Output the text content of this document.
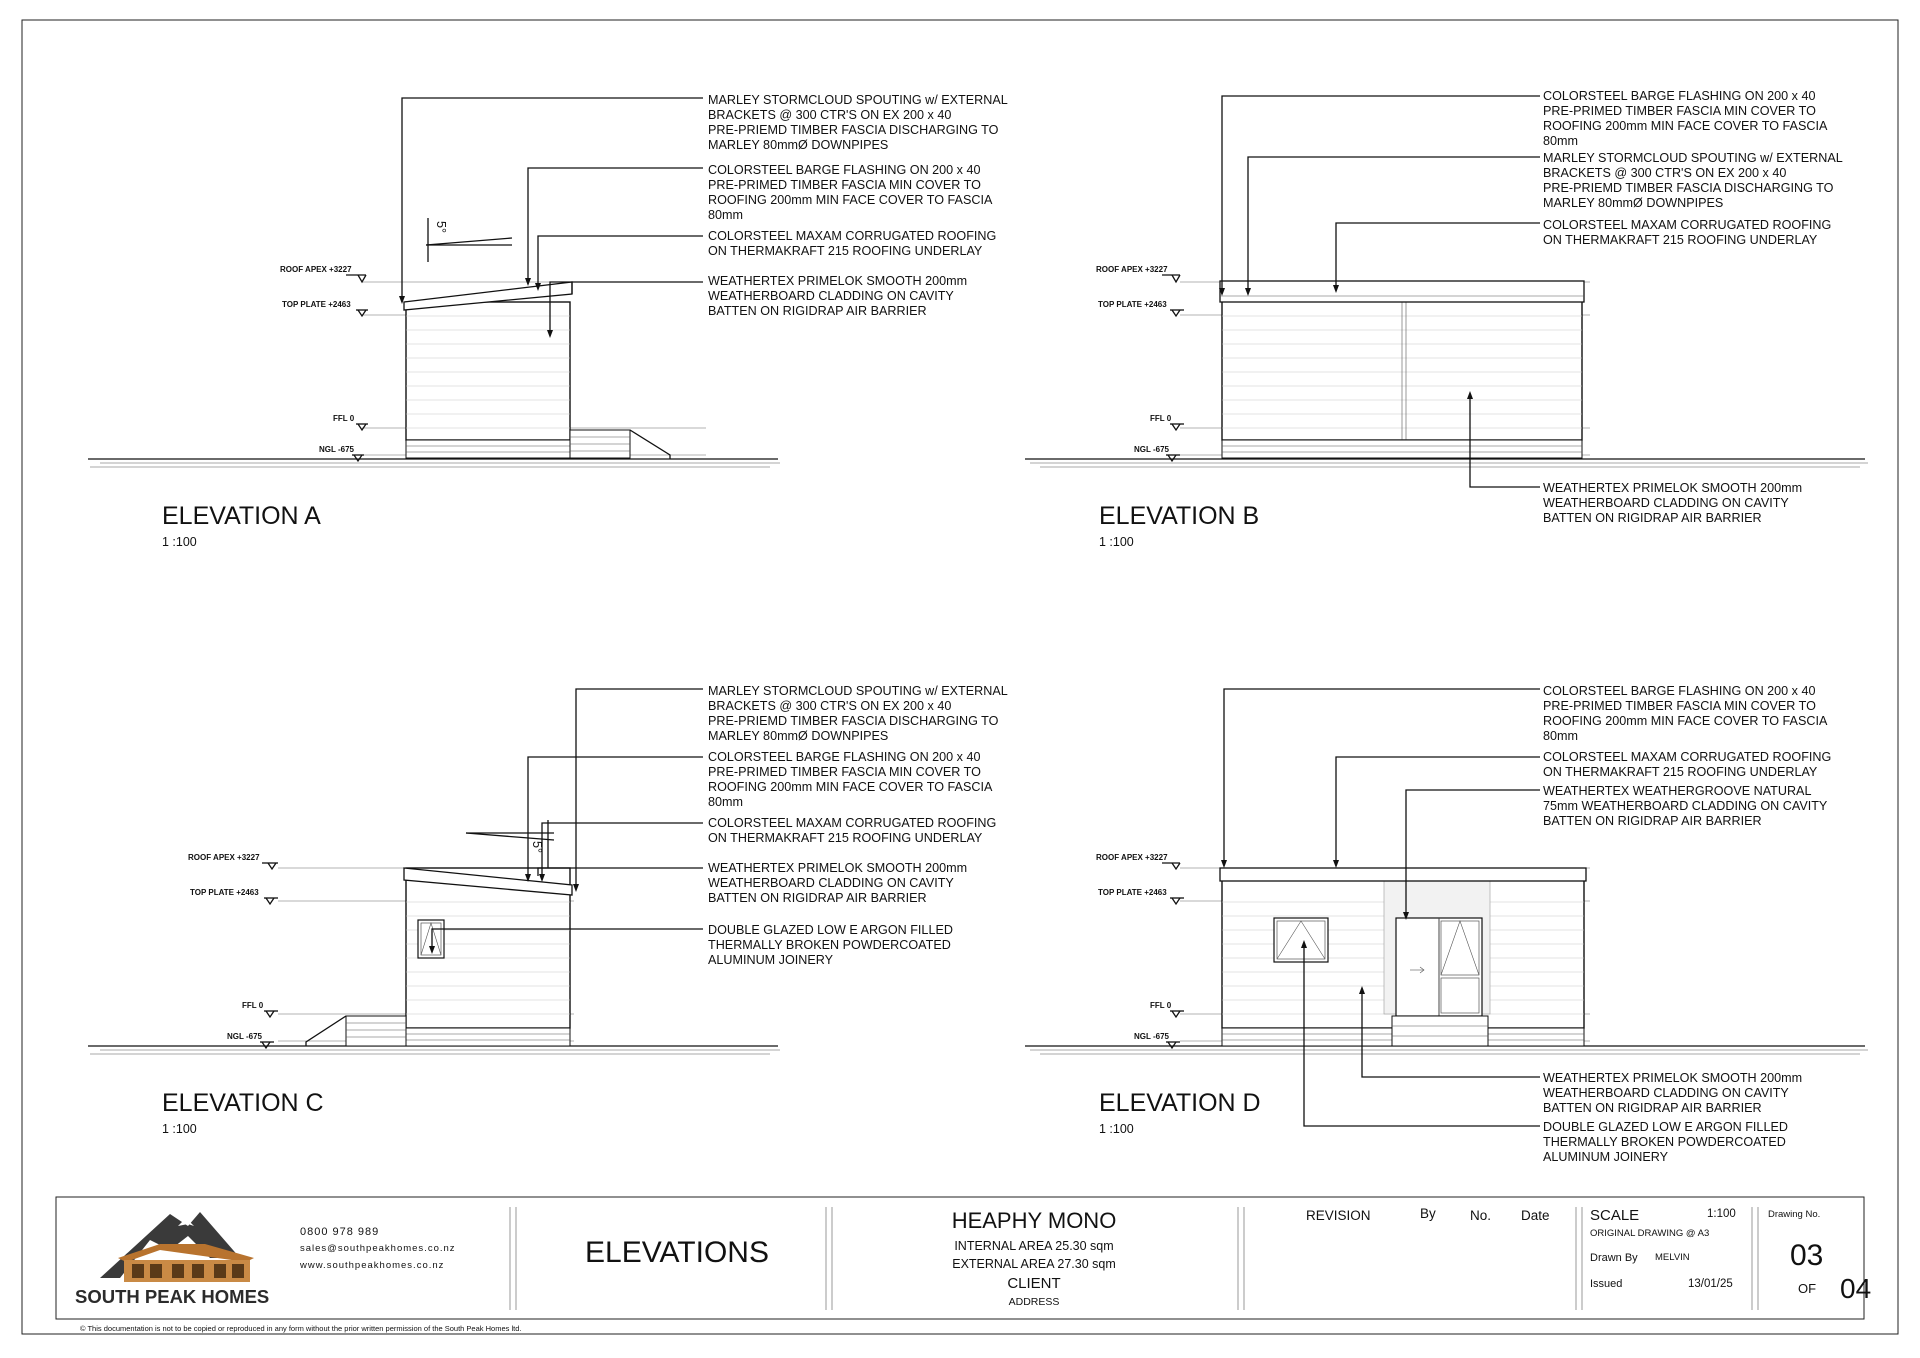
ROOF APEX +3227
TOP PLATE +2463
FFL 0
NGL -675
5°
MARLEY STORMCLOUD SPOUTING w/ EXTERNAL
BRACKETS @ 300 CTR'S ON EX 200 x 40
PRE-PRIEMD TIMBER FASCIA DISCHARGING TO
MARLEY 80mmØ DOWNPIPES
COLORSTEEL BARGE FLASHING ON 200 x 40
PRE-PRIMED TIMBER FASCIA MIN COVER TO
ROOFING 200mm MIN FACE COVER TO FASCIA
80mm
COLORSTEEL MAXAM CORRUGATED ROOFING
ON THERMAKRAFT 215 ROOFING UNDERLAY
WEATHERTEX PRIMELOK SMOOTH 200mm
WEATHERBOARD CLADDING ON CAVITY
BATTEN ON RIGIDRAP AIR BARRIER
ELEVATION A
1 :100
ROOF APEX +3227
TOP PLATE +2463
FFL 0
NGL -675
COLORSTEEL BARGE FLASHING ON 200 x 40
PRE-PRIMED TIMBER FASCIA MIN COVER TO
ROOFING 200mm MIN FACE COVER TO FASCIA
80mm
MARLEY STORMCLOUD SPOUTING w/ EXTERNAL
BRACKETS @ 300 CTR'S ON EX 200 x 40
PRE-PRIEMD TIMBER FASCIA DISCHARGING TO
MARLEY 80mmØ DOWNPIPES
COLORSTEEL MAXAM CORRUGATED ROOFING
ON THERMAKRAFT 215 ROOFING UNDERLAY
WEATHERTEX PRIMELOK SMOOTH 200mm
WEATHERBOARD CLADDING ON CAVITY
BATTEN ON RIGIDRAP AIR BARRIER
ELEVATION B
1 :100
ROOF APEX +3227
TOP PLATE +2463
FFL 0
NGL -675
5°
MARLEY STORMCLOUD SPOUTING w/ EXTERNAL
BRACKETS @ 300 CTR'S ON EX 200 x 40
PRE-PRIEMD TIMBER FASCIA DISCHARGING TO
MARLEY 80mmØ DOWNPIPES
COLORSTEEL BARGE FLASHING ON 200 x 40
PRE-PRIMED TIMBER FASCIA MIN COVER TO
ROOFING 200mm MIN FACE COVER TO FASCIA
80mm
COLORSTEEL MAXAM CORRUGATED ROOFING
ON THERMAKRAFT 215 ROOFING UNDERLAY
WEATHERTEX PRIMELOK SMOOTH 200mm
WEATHERBOARD CLADDING ON CAVITY
BATTEN ON RIGIDRAP AIR BARRIER
DOUBLE GLAZED LOW E ARGON FILLED
THERMALLY BROKEN POWDERCOATED
ALUMINUM JOINERY
ELEVATION C
1 :100
ROOF APEX +3227
TOP PLATE +2463
FFL 0
NGL -675
COLORSTEEL BARGE FLASHING ON 200 x 40
PRE-PRIMED TIMBER FASCIA MIN COVER TO
ROOFING 200mm MIN FACE COVER TO FASCIA
80mm
COLORSTEEL MAXAM CORRUGATED ROOFING
ON THERMAKRAFT 215 ROOFING UNDERLAY
WEATHERTEX WEATHERGROOVE NATURAL
75mm WEATHERBOARD CLADDING ON CAVITY
BATTEN ON RIGIDRAP AIR BARRIER
WEATHERTEX PRIMELOK SMOOTH 200mm
WEATHERBOARD CLADDING ON CAVITY
BATTEN ON RIGIDRAP AIR BARRIER
DOUBLE GLAZED LOW E ARGON FILLED
THERMALLY BROKEN POWDERCOATED
ALUMINUM JOINERY
ELEVATION D
1 :100
SOUTH PEAK HOMES
0800 978 989
sales@southpeakhomes.co.nz
www.southpeakhomes.co.nz	ELEVATIONS
HEAPHY MONO
INTERNAL AREA 25.30 sqm
EXTERNAL AREA 27.30 sqm
CLIENT
ADDRESS
REVISION	By	No. Date	SCALE	1:100
ORIGINAL DRAWING @ A3
Drawn By MELVIN
Issued	13/01/25
Drawing No.
03
OF 04
© This documentation is not to be copied or reproduced in any form without the prior written permission of the South Peak Homes ltd.
